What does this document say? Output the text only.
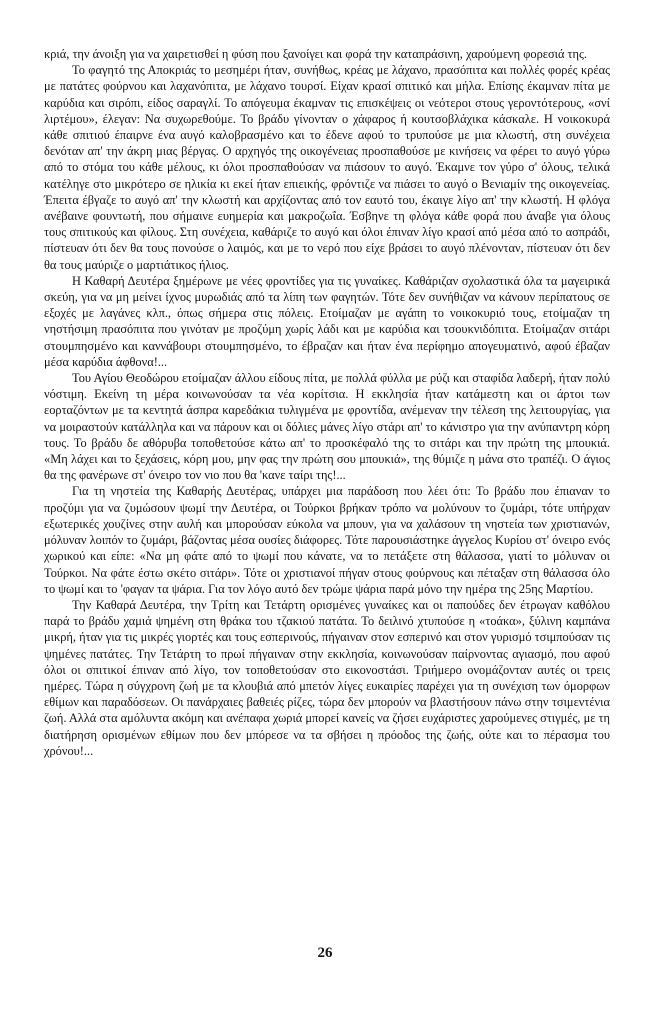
κριά, την άνοιξη για να χαιρετισθεί η φύση που ξανοίγει και φορά την καταπράσινη, χαρούμενη φορεσιά της.

Το φαγητό της Αποκριάς το μεσημέρι ήταν, συνήθως, κρέας με λάχανο, πρασόπιτα και πολλές φορές κρέας με πατάτες φούρνου και λαχανόπιτα, με λάχανο τουρσί. Είχαν κρασί σπιτικό και μήλα. Επίσης έκαμναν πίτα με καρύδια και σιρόπι, είδος σαραγλί. Το απόγευμα έκαμναν τις επισκέψεις οι νεότεροι στους γεροντότερους, «σνί λιρτέμου», έλεγαν: Να συχωρεθούμε. Το βράδυ γίνονταν ο χάφαρος ή κουτσοβλάχικα κάσκαλε. Η νοικοκυρά κάθε σπιτιού έπαιρνε ένα αυγό καλοβρασμένο και το έδενε αφού το τρυπούσε με μια κλωστή, στη συνέχεια δενόταν απ' την άκρη μιας βέργας. Ο αρχηγός της οικογένειας προσπαθούσε με κινήσεις να φέρει το αυγό γύρω από το στόμα του κάθε μέλους, κι όλοι προσπαθούσαν να πιάσουν το αυγό. Έκαμνε τον γύρο σ' όλους, τελικά κατέληγε στο μικρότερο σε ηλικία κι εκεί ήταν επιεικής, φρόντιζε να πιάσει το αυγό ο Βενιαμίν της οικογενείας. Έπειτα έβγαζε το αυγό απ' την κλωστή και αρχίζοντας από τον εαυτό του, έκαιγε λίγο απ' την κλωστή. Η φλόγα ανέβαινε φουντωτή, που σήμαινε ευημερία και μακροζωΐα. Έσβηνε τη φλόγα κάθε φορά που άναβε για όλους τους σπιτικούς και φίλους. Στη συνέχεια, καθάριζε το αυγό και όλοι έπιναν λίγο κρασί από μέσα από το ασπράδι, πίστευαν ότι δεν θα τους πονούσε ο λαιμός, και με το νερό που είχε βράσει το αυγό πλένονταν, πίστευαν ότι δεν θα τους μαύριζε ο μαρτιάτικος ήλιος.

Η Καθαρή Δευτέρα ξημέρωνε με νέες φροντίδες για τις γυναίκες. Καθάριζαν σχολαστικά όλα τα μαγειρικά σκεύη, για να μη μείνει ίχνος μυρωδιάς από τα λίπη των φαγητών. Τότε δεν συνήθιζαν να κάνουν περίπατους σε εξοχές με λαγάνες κλπ., όπως σήμερα στις πόλεις. Ετοίμαζαν με αγάπη το νοικοκυριό τους, ετοίμαζαν τη νηστήσιμη πρασόπιτα που γινόταν με προζύμη χωρίς λάδι και με καρύδια και τσουκνιδόπιτα. Ετοίμαζαν σιτάρι στουμπησμένο και καννάβουρι στουμπησμένο, το έβραζαν και ήταν ένα περίφημο απογευματινό, αφού έβαζαν μέσα καρύδια άφθονα!...

Του Αγίου Θεοδώρου ετοίμαζαν άλλου είδους πίτα, με πολλά φύλλα με ρύζι και σταφίδα λαδερή, ήταν πολύ νόστιμη. Εκείνη τη μέρα κοινωνούσαν τα νέα κορίτσια. Η εκκλησία ήταν κατάμεστη και οι άρτοι των εορταζόντων με τα κεντητά άσπρα καρεδάκια τυλιγμένα με φροντίδα, ανέμεναν την τέλεση της λειτουργίας, για να μοιραστούν κατάλληλα και να πάρουν και οι δόλιες μάνες λίγο στάρι απ' το κάνιστρο για την ανύπαντρη κόρη τους. Το βράδυ δε αθόρυβα τοποθετούσε κάτω απ' το προσκέφαλό της το σιτάρι και την πρώτη της μπουκιά. «Μη λάχει και το ξεχάσεις, κόρη μου, μην φας την πρώτη σου μπουκιά», της θύμιζε η μάνα στο τραπέζι. Ο άγιος θα της φανέρωνε στ' όνειρο τον νιο που θα 'κανε ταίρι της!...

Για τη νηστεία της Καθαρής Δευτέρας, υπάρχει μια παράδοση που λέει ότι: Το βράδυ που έπιαναν το προζύμι για να ζυμώσουν ψωμί την Δευτέρα, οι Τούρκοι βρήκαν τρόπο να μολύνουν το ζυμάρι, τότε υπήρχαν εξωτερικές χουζίνες στην αυλή και μπορούσαν εύκολα να μπουν, για να χαλάσουν τη νηστεία των χριστιανών, μόλυναν λοιπόν το ζυμάρι, βάζοντας μέσα ουσίες διάφορες. Τότε παρουσιάστηκε άγγελος Κυρίου στ' όνειρο ενός χωρικού και είπε: «Να μη φάτε από το ψωμί που κάνατε, να το πετάξετε στη θάλασσα, γιατί το μόλυναν οι Τούρκοι. Να φάτε έστω σκέτο σιτάρι». Τότε οι χριστιανοί πήγαν στους φούρνους και πέταξαν στη θάλασσα όλο το ψωμί και το 'φαγαν τα ψάρια. Για τον λόγο αυτό δεν τρώμε ψάρια παρά μόνο την ημέρα της 25ης Μαρτίου.

Την Καθαρά Δευτέρα, την Τρίτη και Τετάρτη ορισμένες γυναίκες και οι παπούδες δεν έτρωγαν καθόλου παρά το βράδυ χαμιά ψημένη στη θράκα του τζακιού πατάτα. Το δειλινό χτυπούσε η «τοάκα», ξύλινη καμπάνα μικρή, ήταν για τις μικρές γιορτές και τους εσπερινούς, πήγαιναν στον εσπερινό και στον γυρισμό τσιμπούσαν τις ψημένες πατάτες. Την Τετάρτη το πρωί πήγαιναν στην εκκλησία, κοινωνούσαν παίρνοντας αγιασμό, που αφού όλοι οι σπιτικοί έπιναν από λίγο, τον τοποθετούσαν στο εικονοστάσι. Τριήμερο ονομάζονταν αυτές οι τρεις ημέρες. Τώρα η σύγχρονη ζωή με τα κλουβιά από μπετόν λίγες ευκαιρίες παρέχει για τη συνέχιση των όμορφων εθίμων και παραδόσεων. Οι πανάρχαιες βαθειές ρίζες, τώρα δεν μπορούν να βλαστήσουν πάνω στην τσιμεντένια ζωή. Αλλά στα αμόλυντα ακόμη και ανέπαφα χωριά μπορεί κανείς να ζήσει ευχάριστες χαρούμενες στιγμές, με τη διατήρηση ορισμένων εθίμων που δεν μπόρεσε να τα σβήσει η πρόοδος της ζωής, ούτε και το πέρασμα του χρόνου!...

26
